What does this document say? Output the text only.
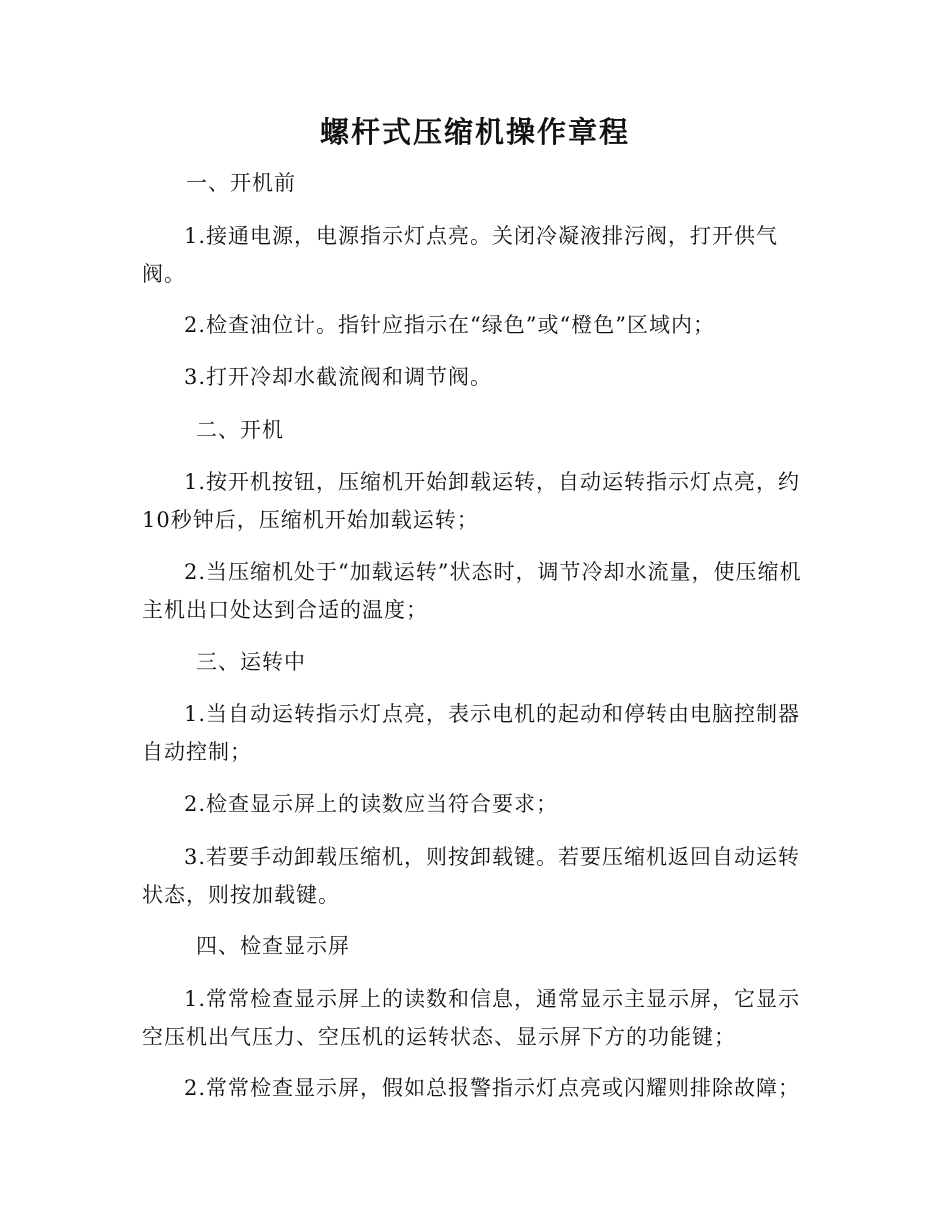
螺杆式压缩机操作章程

一、开机前

1.接通电源，电源指示灯点亮。关闭冷凝液排污阀，打开供气阀。

2.检查油位计。指针应指示在“绿色”或“橙色”区域内；

3.打开冷却水截流阀和调节阀。

二、开机

1.按开机按钮，压缩机开始卸载运转，自动运转指示灯点亮，约10秒钟后，压缩机开始加载运转；

2.当压缩机处于“加载运转”状态时，调节冷却水流量，使压缩机主机出口处达到合适的温度；

三、运转中

1.当自动运转指示灯点亮，表示电机的起动和停转由电脑控制器自动控制；

2.检查显示屏上的读数应当符合要求；

3.若要手动卸载压缩机，则按卸载键。若要压缩机返回自动运转状态，则按加载键。

四、检查显示屏

1.常常检查显示屏上的读数和信息，通常显示主显示屏，它显示空压机出气压力、空压机的运转状态、显示屏下方的功能键；

2.常常检查显示屏，假如总报警指示灯点亮或闪耀则排除故障；
